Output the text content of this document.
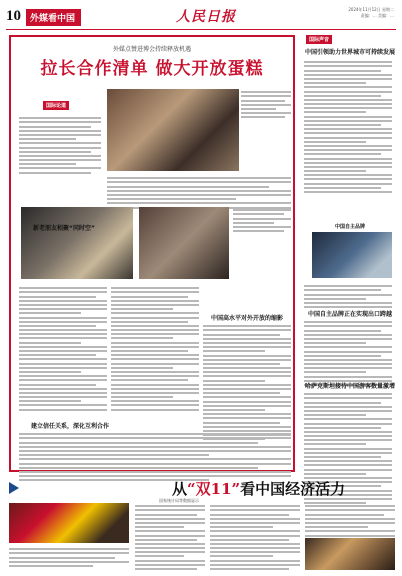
10	外媒看中国	人民日报	2024年11月12日 星期二
责编：… 美编：…
外媒点赞进博会持续释放机遇
拉长合作清单 做大开放蛋糕
国际论道
新老朋友相聚“同时空”
中国高水平对外开放的缩影
建立信任关系，深化互利合作
国际声音
中国引领助力世界城市可持续发展
中国自主品牌
中国自主品牌正在实现出口跨越
哈萨克斯坦接待中国游客数量激增
从“双11”看中国经济活力
国家统计局等数据显示
